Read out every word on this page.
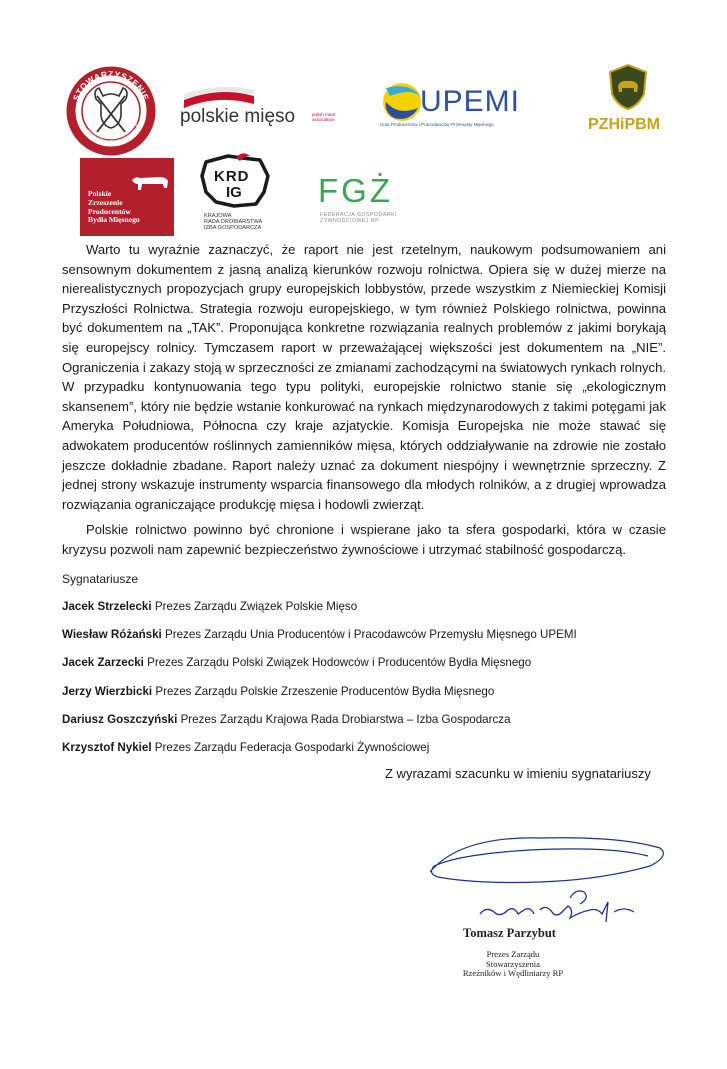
STOWARZYSZENIE
1910	1928
RZEŹNIKÓW I WĘDLINIARZY RP
polskie mięso	polish meat association
UPEMI
Unia Producentów i Pracodawców Przemysłu Mięsnego	PZHiPBM
Polskie
Zrzeszenie
Producentów
Bydła Mięsnego
KRD
IG
KRAJOWA
RADA DROBIARSTWA
IZBA GOSPODARCZA
FGŻ
FEDERACJA GOSPODARKI
ŻYWNOŚCIOWEJ RP

Warto tu wyraźnie zaznaczyć, że raport nie jest rzetelnym, naukowym podsumowaniem ani sensownym dokumentem z jasną analizą kierunków rozwoju rolnictwa. Opiera się w dużej mierze na nierealistycznych propozycjach grupy europejskich lobbystów, przede wszystkim z Niemieckiej Komisji Przyszłości Rolnictwa. Strategia rozwoju europejskiego, w tym również Polskiego rolnictwa, powinna być dokumentem na „TAK”. Proponująca konkretne rozwiązania realnych problemów z jakimi borykają się europejscy rolnicy. Tymczasem raport w przeważającej większości jest dokumentem na „NIE”. Ograniczenia i zakazy stoją w sprzeczności ze zmianami zachodzącymi na światowych rynkach rolnych. W przypadku kontynuowania tego typu polityki, europejskie rolnictwo stanie się „ekologicznym skansenem”, który nie będzie wstanie konkurować na rynkach międzynarodowych z takimi potęgami jak Ameryka Południowa, Północna czy kraje azjatyckie. Komisja Europejska nie może stawać się adwokatem producentów roślinnych zamienników mięsa, których oddziaływanie na zdrowie nie zostało jeszcze dokładnie zbadane. Raport należy uznać za dokument niespójny i wewnętrznie sprzeczny. Z jednej strony wskazuje instrumenty wsparcia finansowego dla młodych rolników, a z drugiej wprowadza rozwiązania ograniczające produkcję mięsa i hodowli zwierząt.

Polskie rolnictwo powinno być chronione i wspierane jako ta sfera gospodarki, która w czasie kryzysu pozwoli nam zapewnić bezpieczeństwo żywnościowe i utrzymać stabilność gospodarczą.

Sygnatariusze

Jacek Strzelecki Prezes Zarządu Związek Polskie Mięso
Wiesław Różański Prezes Zarządu Unia Producentów i Pracodawców Przemysłu Mięsnego UPEMI
Jacek Zarzecki Prezes Zarządu Polski Związek Hodowców i Producentów Bydła Mięsnego
Jerzy Wierzbicki Prezes Zarządu Polskie Zrzeszenie Producentów Bydła Mięsnego
Dariusz Goszczyński Prezes Zarządu Krajowa Rada Drobiarstwa – Izba Gospodarcza
Krzysztof Nykiel Prezes Zarządu Federacja Gospodarki Żywnościowej

Z wyrazami szacunku w imieniu sygnatariuszy

Tomasz Parzybut
Prezes Zarządu
Stowarzyszenia
Rzeźników i Wędliniarzy RP
